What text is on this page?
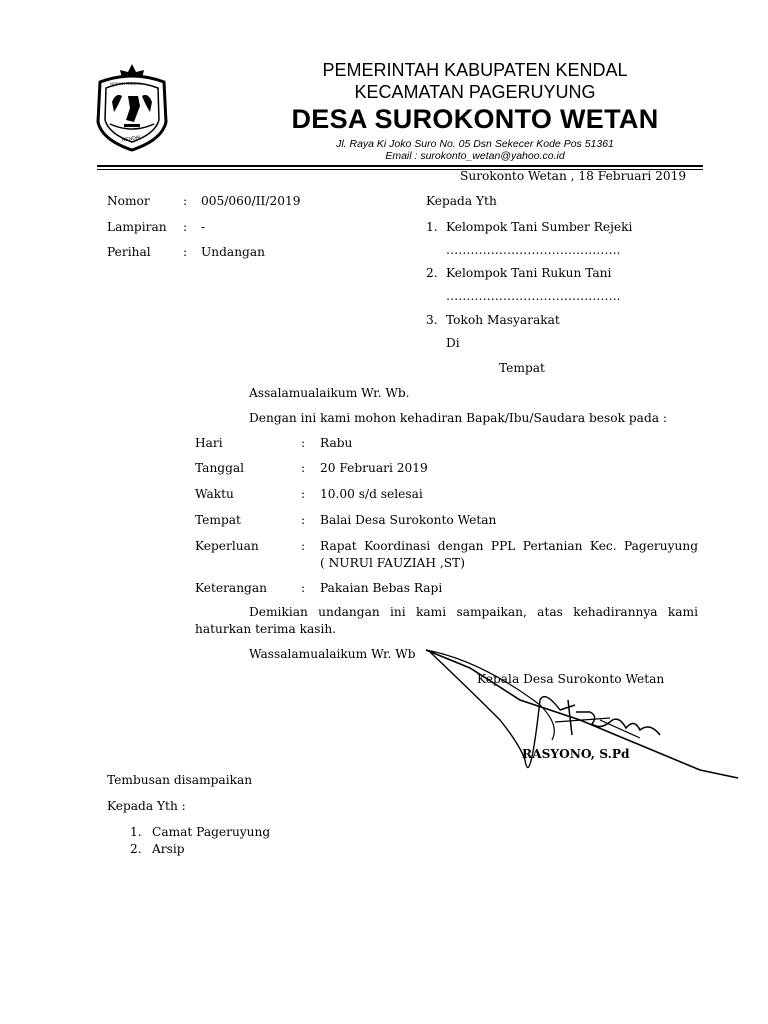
NGESTI WIBAWA
KENDAL
PEMERINTAH KABUPATEN KENDAL
KECAMATAN PAGERUYUNG
DESA SUROKONTO WETAN
Jl. Raya Ki Joko Suro No. 05 Dsn Sekecer Kode Pos 51361
Email : surokonto_wetan@yahoo.co.id
Surokonto Wetan , 18 Februari 2019
Nomor	: 005/060/II/2019
Lampiran : -
Perihal	: Undangan
Kepada Yth
1. Kelompok Tani Sumber Rejeki
…………………………………….
2. Kelompok Tani Rukun Tani
…………………………………….
3. Tokoh Masyarakat
Di
Tempat
Assalamualaikum Wr. Wb.
Dengan ini kami mohon kehadiran Bapak/Ibu/Saudara besok pada :
Hari	: Rabu
Tanggal	: 20 Februari 2019
Waktu	: 10.00 s/d selesai
Tempat	: Balai Desa Surokonto Wetan
Keperluan	: Rapat Koordinasi dengan PPL Pertanian Kec. Pageruyung
( NURUl FAUZIAH ,ST)
Keterangan	: Pakaian Bebas Rapi
Demikian undangan ini kami sampaikan, atas kehadirannya kami
haturkan terima kasih.
Wassalamualaikum Wr. Wb
Kepala Desa Surokonto Wetan
RASYONO, S.Pd
Tembusan disampaikan
Kepada Yth :
1. Camat Pageruyung
2. Arsip
